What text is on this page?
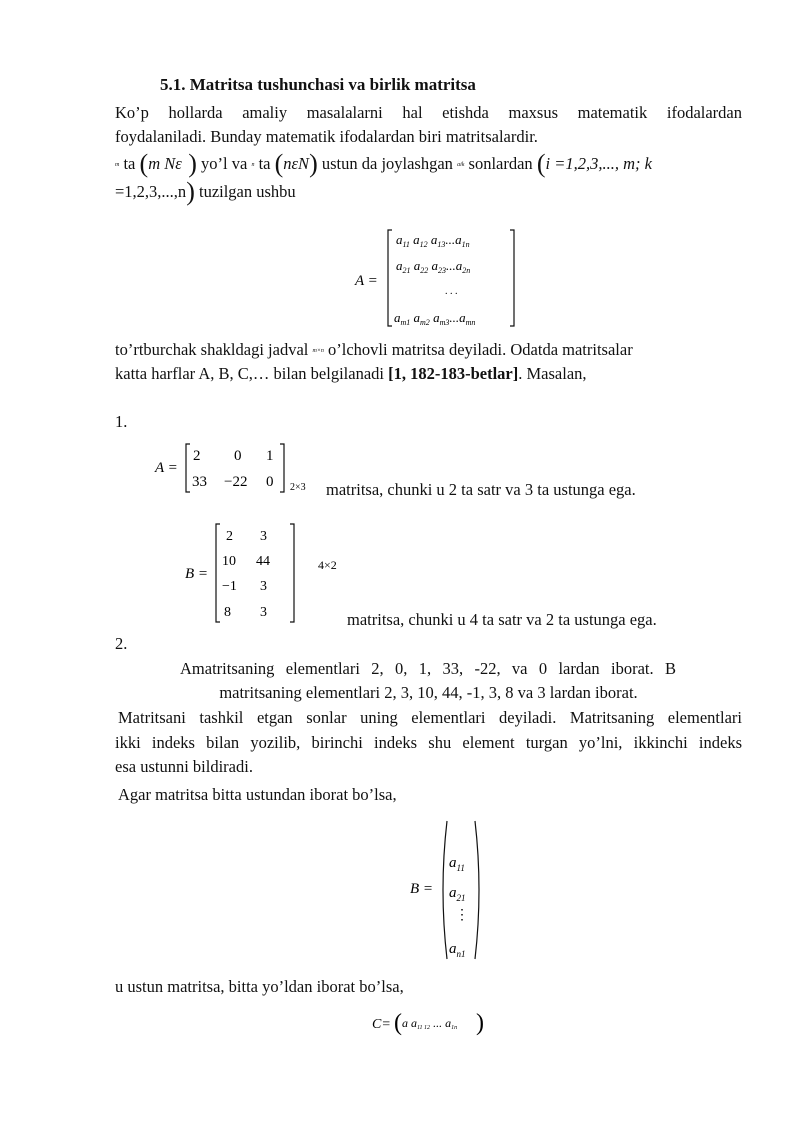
5.1. Matritsa tushunchasi va birlik matritsa
Ko’p hollarda amaliy masalalarni hal etishda maxsus matematik ifodalardan
foydalaniladi. Bunday matematik ifodalardan biri matritsalardir.
m ta (m Nε ) yo’l va n ta (nεN) ustun da joylashgan aik sonlardan (i =1,2,3,..., m; k
=1,2,3,...,n) tuzilgan ushbu
A =
$a_{11}$ $a_{12}$ $a_{13}...a_{1n}$
$a_{21}$ $a_{22}$ $a_{23}...a_{2n}$
. . .
$a_{m1}$ $a_{m2}$ $a_{m3}...a_{mn}$
to’rtburchak shakldagi jadval m×n o’lchovli matritsa deyiladi. Odatda matritsalar
katta harflar A, B, C,… bilan belgilanadi [1, 182-183-betlar]. Masalan,
1.
A =
2 0 1
33 −22 0 2×3 matritsa, chunki u 2 ta satr va 3 ta ustunga ega.
B =
2 3
10 44
−1 3
8 3
4×2
matritsa, chunki u 4 ta satr va 2 ta ustunga ega.
2.
Amatritsaning elementlari 2, 0, 1, 33, -22, va 0 lardan iborat. B
matritsaning elementlari 2, 3, 10, 44, -1, 3, 8 va 3 lardan iborat.
Matritsani tashkil etgan sonlar uning elementlari deyiladi. Matritsaning elementlari
ikki indeks bilan yozilib, birinchi indeks shu element turgan yo’lni, ikkinchi indeks
esa ustunni bildiradi.
Agar matritsa bitta ustundan iborat bo’lsa,
B =
$a_{11}$
$a_{21}$
⋮
$a_{n1}$
u ustun matritsa, bitta yo’ldan iborat bo’lsa,
C= ( a a11 12 ... a1n )
